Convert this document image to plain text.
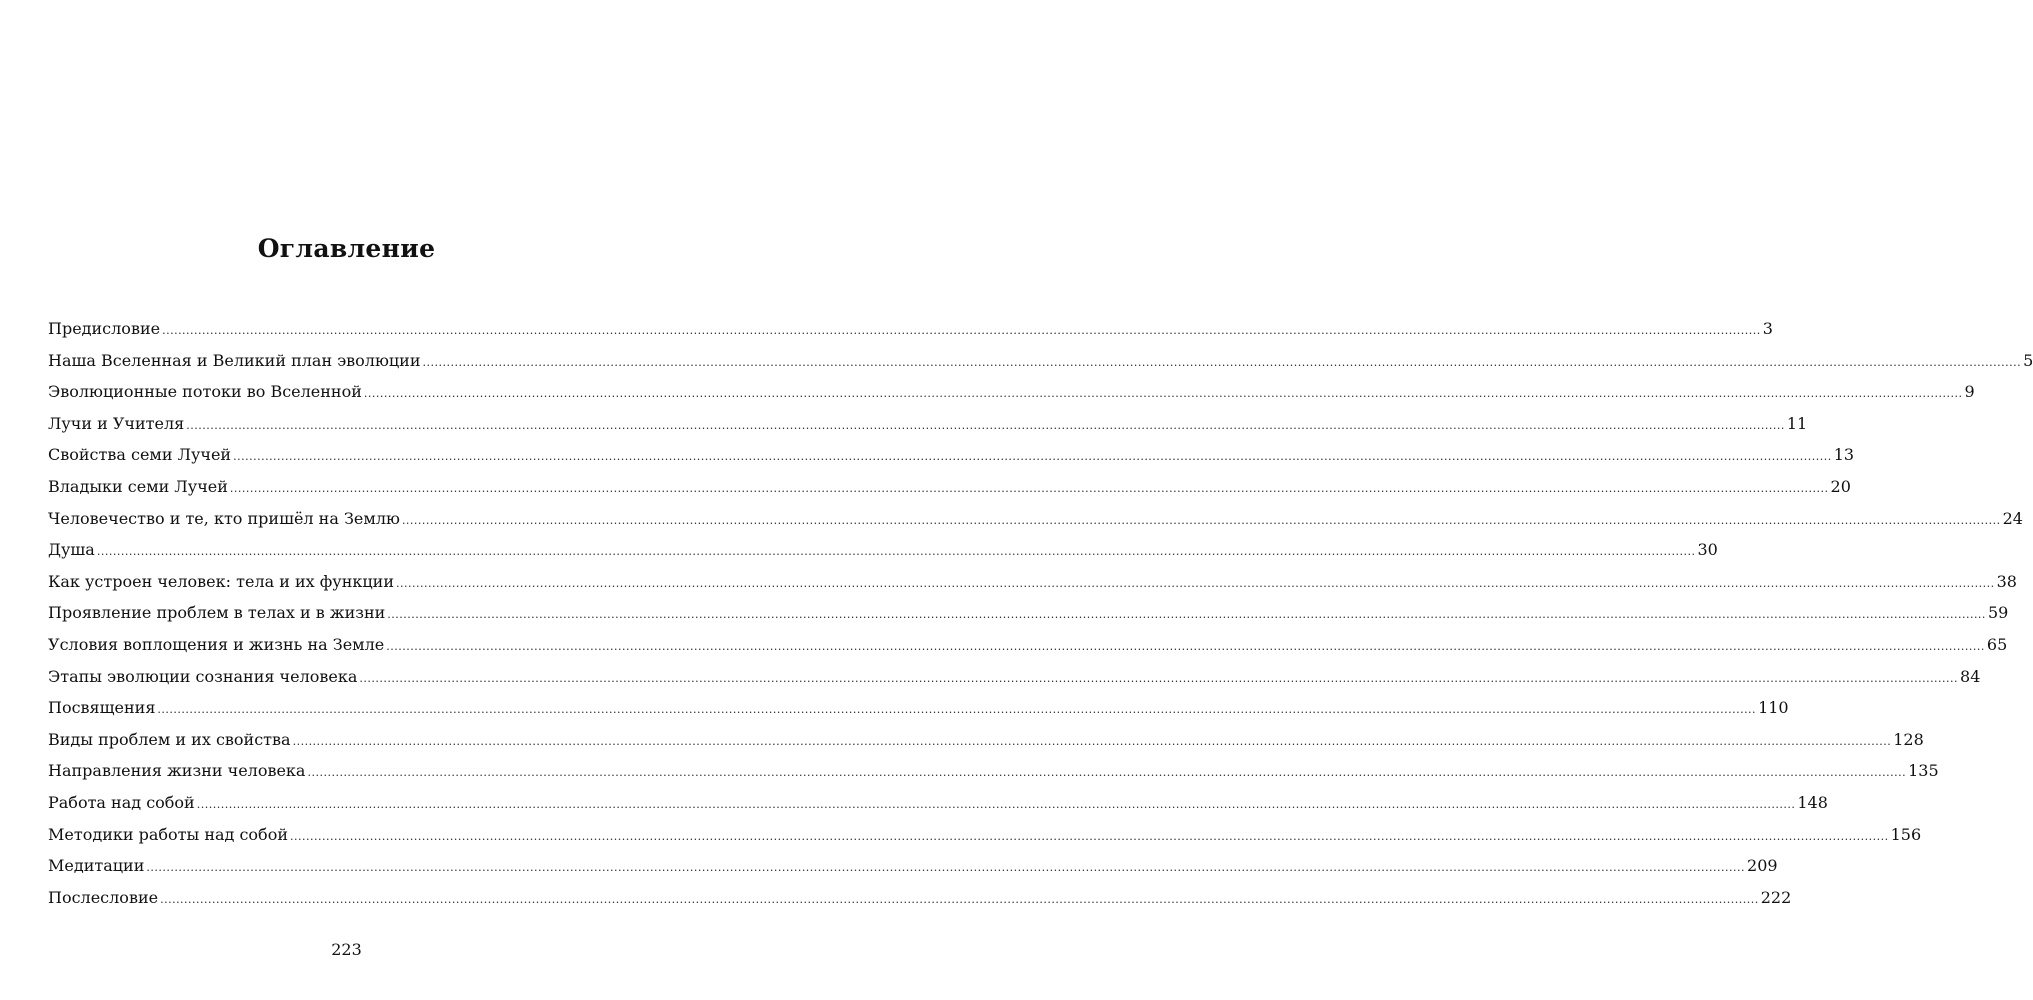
Оглавление
Предисловие ................................................................................................................................................................................................................................................................................................................................................................................................................ 3
Наша Вселенная и Великий план эволюции ................................................................................................................................................................................................................................................................................................................................................................................................................ 5
Эволюционные потоки во Вселенной ................................................................................................................................................................................................................................................................................................................................................................................................................ 9
Лучи и Учителя ................................................................................................................................................................................................................................................................................................................................................................................................................ 11
Свойства семи Лучей ................................................................................................................................................................................................................................................................................................................................................................................................................ 13
Владыки семи Лучей ................................................................................................................................................................................................................................................................................................................................................................................................................ 20
Человечество и те, кто пришёл на Землю ................................................................................................................................................................................................................................................................................................................................................................................................................ 24
Душа ................................................................................................................................................................................................................................................................................................................................................................................................................ 30
Как устроен человек: тела и их функции ................................................................................................................................................................................................................................................................................................................................................................................................................ 38
Проявление проблем в телах и в жизни ................................................................................................................................................................................................................................................................................................................................................................................................................ 59
Условия воплощения и жизнь на Земле ................................................................................................................................................................................................................................................................................................................................................................................................................ 65
Этапы эволюции сознания человека ................................................................................................................................................................................................................................................................................................................................................................................................................ 84
Посвящения ................................................................................................................................................................................................................................................................................................................................................................................................................ 110
Виды проблем и их свойства ................................................................................................................................................................................................................................................................................................................................................................................................................ 128
Направления жизни человека ................................................................................................................................................................................................................................................................................................................................................................................................................ 135
Работа над собой ................................................................................................................................................................................................................................................................................................................................................................................................................ 148
Методики работы над собой ................................................................................................................................................................................................................................................................................................................................................................................................................ 156
Медитации ................................................................................................................................................................................................................................................................................................................................................................................................................ 209
Послесловие ................................................................................................................................................................................................................................................................................................................................................................................................................ 222
223
